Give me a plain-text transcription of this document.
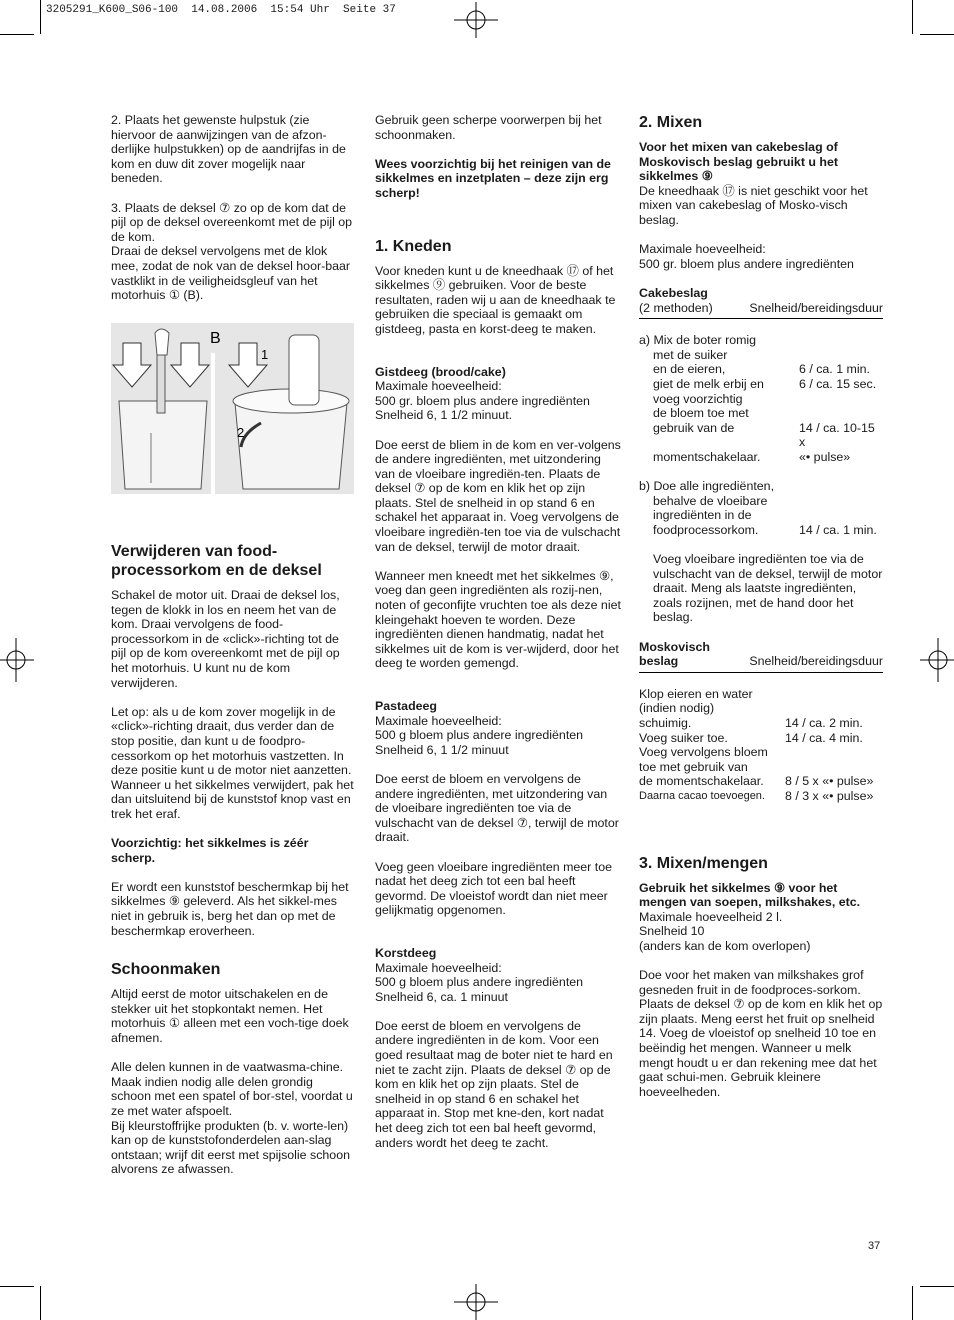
3205291_K600_S06-100  14.08.2006  15:54 Uhr  Seite 37

2. Plaats het gewenste hulpstuk (zie hiervoor de aanwijzingen van de afzon-derlijke hulpstukken) op de aandrijfas in de kom en duw dit zover mogelijk naar beneden.

3. Plaats de deksel ⑦ zo op de kom dat de pijl op de deksel overeenkomt met de pijl op de kom.

Draai de deksel vervolgens met de klok mee, zodat de nok van de deksel hoor-baar vastklikt in de veiligheidsgleuf van het motorhuis ① (B).

B
1
2
Verwijderen van food-processorkom en de deksel

Schakel de motor uit. Draai de deksel los, tegen de klokk in los en neem het van de kom. Draai vervolgens de food-processorkom in de «click»-richting tot de pijl op de kom overeenkomt met de pijl op het motorhuis. U kunt nu de kom verwijderen.

Let op: als u de kom zover mogelijk in de «click»-richting draait, dus verder dan de stop positie, dan kunt u de foodpro-cessorkom op het motorhuis vastzetten. In deze positie kunt u de motor niet aanzetten.

Wanneer u het sikkelmes verwijdert, pak het dan uitsluitend bij de kunststof knop vast en trek het eraf.

Voorzichtig: het sikkelmes is zéér scherp.

Er wordt een kunststof beschermkap bij het sikkelmes ⑨ geleverd. Als het sikkel-mes niet in gebruik is, berg het dan op met de beschermkap eroverheen.

Schoonmaken

Altijd eerst de motor uitschakelen en de stekker uit het stopkontakt nemen. Het motorhuis ① alleen met een voch-tige doek afnemen.

Alle delen kunnen in de vaatwasma-chine. Maak indien nodig alle delen grondig schoon met een spatel of bor-stel, voordat u ze met water afspoelt.
Bij kleurstoffrijke produkten (b. v. worte-len) kan op de kunststofonderdelen aan-slag ontstaan; wrijf dit eerst met spijsolie schoon alvorens ze afwassen.

Gebruik geen scherpe voorwerpen bij het schoonmaken.

Wees voorzichtig bij het reinigen van de sikkelmes en inzetplaten – deze zijn erg scherp!

1. Kneden

Voor kneden kunt u de kneedhaak ⑰ of het sikkelmes ⑨ gebruiken. Voor de beste resultaten, raden wij u aan de kneedhaak te gebruiken die speciaal is gemaakt om gistdeeg, pasta en korst-deeg te maken.

Gistdeeg (brood/cake)
Maximale hoeveelheid:
500 gr. bloem plus andere ingrediënten

Snelheid 6, 1 1/2 minuut.

Doe eerst de bliem in de kom en ver-volgens de andere ingrediënten, met uitzondering van de vloeibare ingrediën-ten. Plaats de deksel ⑦ op de kom en klik het op zijn plaats. Stel de snelheid in op stand 6 en schakel het apparaat in. Voeg vervolgens de vloeibare ingrediën-ten toe via de vulschacht van de deksel, terwijl de motor draait.

Wanneer men kneedt met het sikkelmes ⑨, voeg dan geen ingrediënten als rozij-nen, noten of geconfijte vruchten toe als deze niet kleingehakt hoeven te worden. Deze ingrediënten dienen handmatig, nadat het sikkelmes uit de kom is ver-wijderd, door het deeg te worden gemengd.

Pastadeeg
Maximale hoeveelheid:
500 g bloem plus andere ingrediënten

Snelheid 6, 1 1/2 minuut

Doe eerst de bloem en vervolgens de andere ingrediënten, met uitzondering van de vloeibare ingrediënten toe via de vulschacht van de deksel ⑦, terwijl de motor draait.

Voeg geen vloeibare ingrediënten meer toe nadat het deeg zich tot een bal heeft gevormd. De vloeistof wordt dan niet meer gelijkmatig opgenomen.

Korstdeeg
Maximale hoeveelheid:
500 g bloem plus andere ingrediënten

Snelheid 6, ca. 1 minuut

Doe eerst de bloem en vervolgens de andere ingrediënten in de kom. Voor een goed resultaat mag de boter niet te hard en niet te zacht zijn. Plaats de deksel ⑦ op de kom en klik het op zijn plaats. Stel de snelheid in op stand 6 en schakel het apparaat in. Stop met kne-den, kort nadat het deeg zich tot een bal heeft gevormd, anders wordt het deeg te zacht.

2. Mixen
Voor het mixen van cakebeslag of Moskovisch beslag gebruikt u het sikkelmes ⑨

De kneedhaak ⑰ is niet geschikt voor het mixen van cakebeslag of Mosko-visch beslag.

Maximale hoeveelheid:

500 gr. bloem plus andere ingrediënten

Cakebeslag
(2 methoden)	Snelheid/bereidingsduur
a) Mix de boter romig
met de suiker
en de eieren,	6 / ca. 1 min.
giet de melk erbij en	6 / ca. 15 sec.
voeg voorzichtig
de bloem toe met
gebruik van de	14 / ca. 10-15 x
momentschakelaar.	«• pulse»
b) Doe alle ingrediënten,
behalve de vloeibare
ingrediënten in de
foodprocessorkom.	14 / ca. 1 min.

Voeg vloeibare ingrediënten toe via de vulschacht van de deksel, terwijl de motor draait. Meng als laatste ingrediënten, zoals rozijnen, met de hand door het beslag.

Moskovisch
beslag	Snelheid/bereidingsduur
Klop eieren en water
(indien nodig)
schuimig.	14 / ca. 2 min.
Voeg suiker toe.	14 / ca. 4 min.
Voeg vervolgens bloem
toe met gebruik van
de momentschakelaar.	8 / 5 x «• pulse»
Daarna cacao toevoegen.	8 / 3 x «• pulse»
3. Mixen/mengen
Gebruik het sikkelmes ⑨ voor het mengen van soepen, milkshakes, etc.
Maximale hoeveelheid 2 l.
Snelheid 10

(anders kan de kom overlopen)

Doe voor het maken van milkshakes grof gesneden fruit in de foodproces-sorkom. Plaats de deksel ⑦ op de kom en klik het op zijn plaats. Meng eerst het fruit op snelheid 14. Voeg de vloeistof op snelheid 10 toe en beëindig het mengen. Wanneer u melk mengt houdt u er dan rekening mee dat het gaat schui-men. Gebruik kleinere hoeveelheden.

37
